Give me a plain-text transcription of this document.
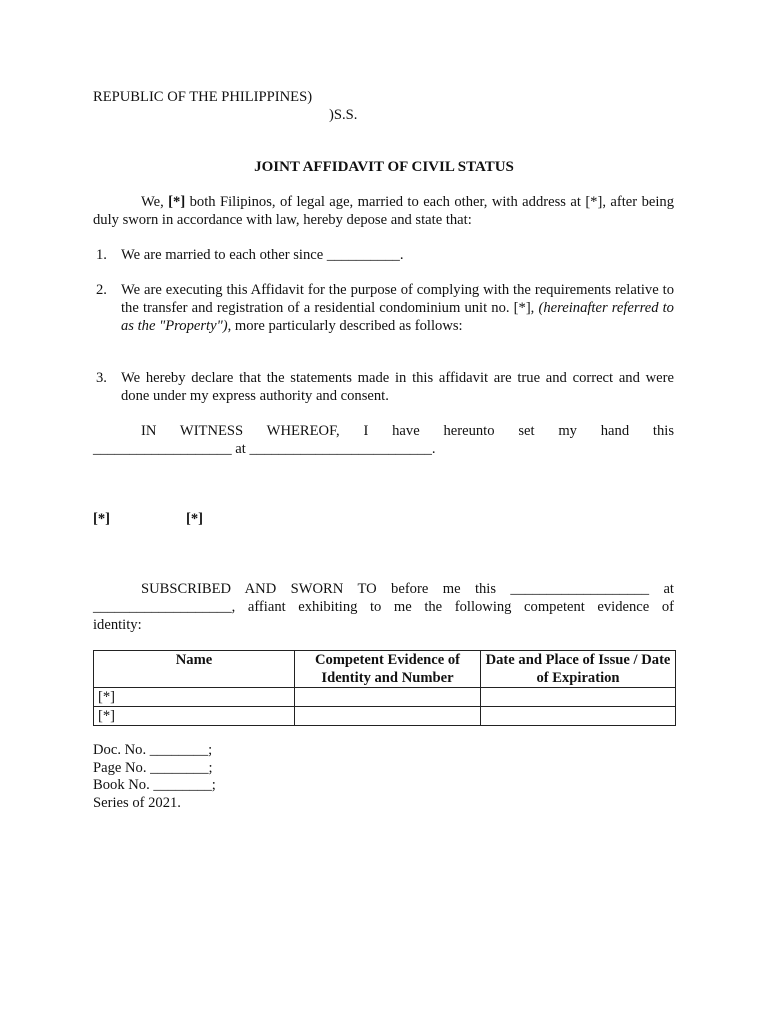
REPUBLIC OF THE PHILIPPINES)
)S.S.
JOINT AFFIDAVIT OF CIVIL STATUS
We, [*] both Filipinos, of legal age, married to each other, with address at [*], after being duly sworn in accordance with law, hereby depose and state that:
1. We are married to each other since __________.
2. We are executing this Affidavit for the purpose of complying with the requirements relative to the transfer and registration of a residential condominium unit no. [*], (hereinafter referred to as the "Property"), more particularly described as follows:
3. We hereby declare that the statements made in this affidavit are true and correct and were done under my express authority and consent.
IN WITNESS WHEREOF, I have hereunto set my hand this
___________________ at _________________________.
[*]	[*]
SUBSCRIBED AND SWORN TO before me this ___________________ at
___________________, affiant exhibiting to me the following competent evidence of
identity:
Name	Competent Evidence of Identity and Number	Date and Place of Issue / Date of Expiration
[*]		
[*]		
Doc. No. ________;
Page No. ________;
Book No. ________;
Series of 2021.
